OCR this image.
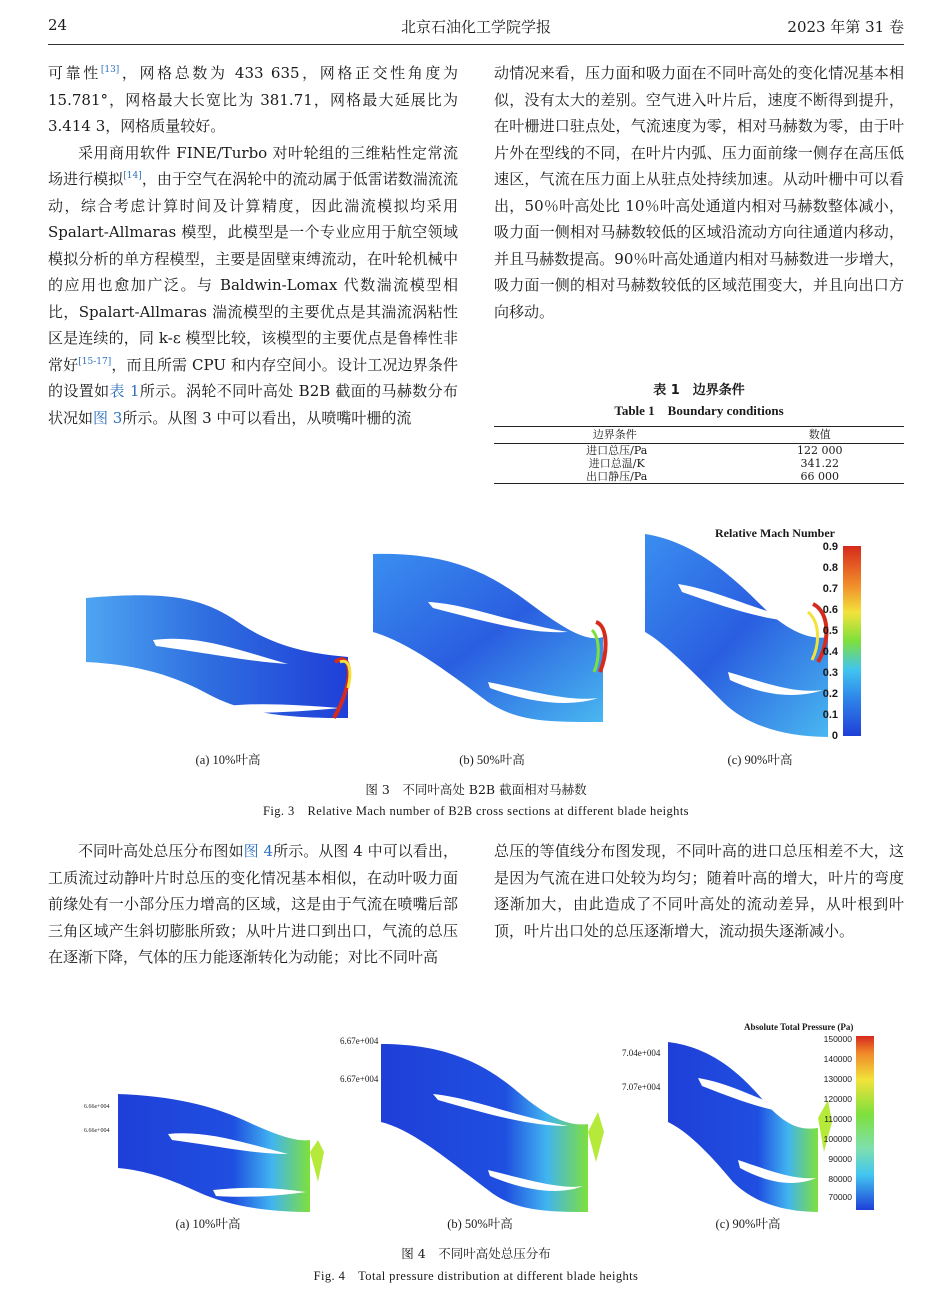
24	北京石油化工学院学报	2023 年第 31 卷

可靠性[13]，网格总数为 433 635，网格正交性角度为 15.781°，网格最大长宽比为 381.71，网格最大延展比为 3.414 3，网格质量较好。

采用商用软件 FINE/Turbo 对叶轮组的三维粘性定常流场进行模拟[14]，由于空气在涡轮中的流动属于低雷诺数湍流流动，综合考虑计算时间及计算精度，因此湍流模拟均采用 Spalart-Allmaras 模型，此模型是一个专业应用于航空领域模拟分析的单方程模型，主要是固壁束缚流动，在叶轮机械中的应用也愈加广泛。与 Baldwin-Lomax 代数湍流模型相比，Spalart-Allmaras 湍流模型的主要优点是其湍流涡粘性区是连续的，同 k-ε 模型比较，该模型的主要优点是鲁棒性非常好[15-17]，而且所需 CPU 和内存空间小。设计工况边界条件的设置如表 1所示。涡轮不同叶高处 B2B 截面的马赫数分布状况如图 3所示。从图 3 中可以看出，从喷嘴叶栅的流

动情况来看，压力面和吸力面在不同叶高处的变化情况基本相似，没有太大的差别。空气进入叶片后，速度不断得到提升，在叶栅进口驻点处，气流速度为零，相对马赫数为零，由于叶片外在型线的不同，在叶片内弧、压力面前缘一侧存在高压低速区，气流在压力面上从驻点处持续加速。从动叶栅中可以看出，50％叶高处比 10％叶高处通道内相对马赫数整体减小，吸力面一侧相对马赫数较低的区域沿流动方向往通道内移动，并且马赫数提高。90％叶高处通道内相对马赫数进一步增大，吸力面一侧的相对马赫数较低的区域范围变大，并且向出口方向移动。

表 1　边界条件
Table 1　Boundary conditions
边界条件	数值
进口总压/Pa	122 000
进口总温/K	341.22
出口静压/Pa	66 000
Relative Mach Number
0.9
0.8
0.7
0.6
0.5
0.4
0.3
0.2
0.1
0
(a) 10%叶高	(b) 50%叶高	(c) 90%叶高
图 3　不同叶高处 B2B 截面相对马赫数
Fig. 3　Relative Mach number of B2B cross sections at different blade heights

不同叶高处总压分布图如图 4所示。从图 4 中可以看出，工质流过动静叶片时总压的变化情况基本相似，在动叶吸力面前缘处有一小部分压力增高的区域，这是由于气流在喷嘴后部三角区域产生斜切膨胀所致；从叶片进口到出口，气流的总压在逐渐下降，气体的压力能逐渐转化为动能；对比不同叶高

总压的等值线分布图发现，不同叶高的进口总压相差不大，这是因为气流在进口处较为均匀；随着叶高的增大，叶片的弯度逐渐加大，由此造成了不同叶高处的流动差异，从叶根到叶顶，叶片出口处的总压逐渐增大，流动损失逐渐减小。

Absolute Total Pressure (Pa)
150000
140000
130000
120000
110000
100000
90000
80000
70000
6.66e+004
6.66e+004
6.67e+004
6.67e+004
7.04e+004
7.07e+004
(a) 10%叶高	(b) 50%叶高	(c) 90%叶高
图 4　不同叶高处总压分布
Fig. 4　Total pressure distribution at different blade heights
